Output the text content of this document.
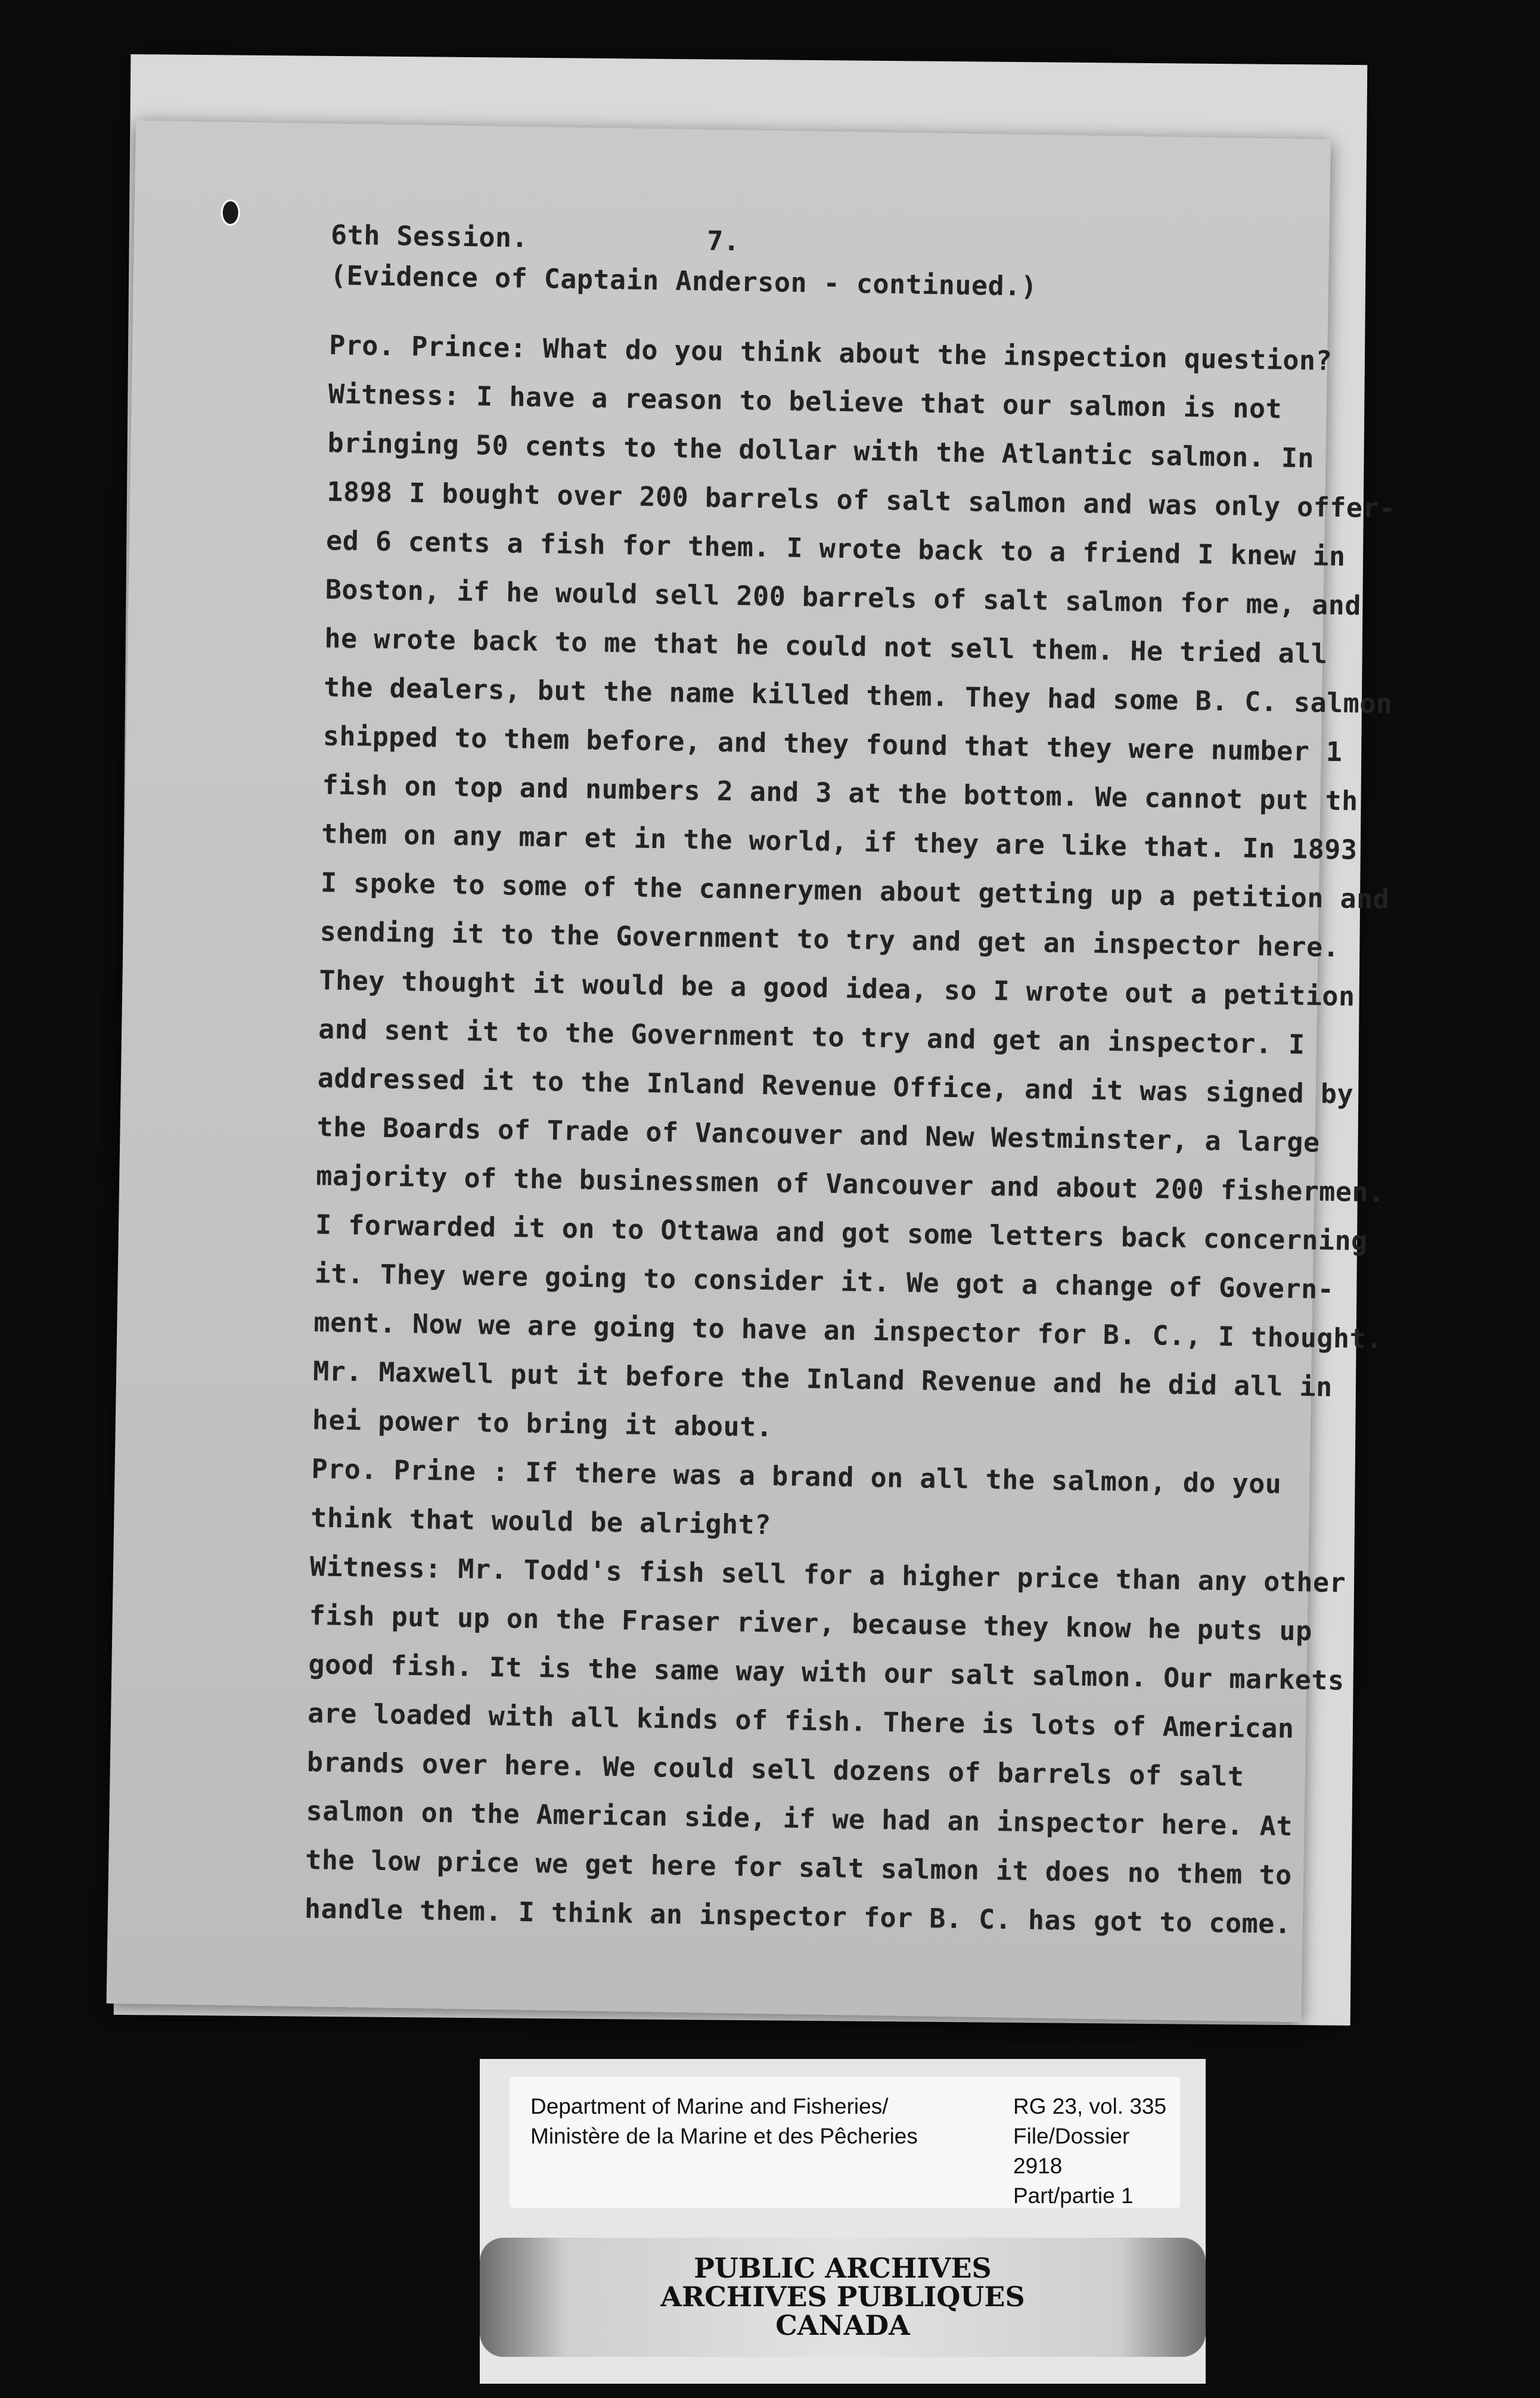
6th Session.	7.
(Evidence of Captain Anderson - continued.)
Pro. Prince: What do you think about the inspection question?
Witness: I have a reason to believe that our salmon is not
bringing 50 cents to the dollar with the Atlantic salmon. In
1898 I bought over 200 barrels of salt salmon and was only offer-
ed 6 cents a fish for them. I wrote back to a friend I knew in
Boston, if he would sell 200 barrels of salt salmon for me, and
he wrote back to me that he could not sell them. He tried all
the dealers, but the name killed them. They had some B. C. salmon
shipped to them before, and they found that they were number 1
fish on top and numbers 2 and 3 at the bottom. We cannot put th
them on any mar et in the world, if they are like that. In 1893
I spoke to some of the cannerymen about getting up a petition and
sending it to the Government to try and get an inspector here.
They thought it would be a good idea, so I wrote out a petition
and sent it to the Government to try and get an inspector. I
addressed it to the Inland Revenue Office, and it was signed by
the Boards of Trade of Vancouver and New Westminster, a large
majority of the businessmen of Vancouver and about 200 fishermen.
I forwarded it on to Ottawa and got some letters back concerning
it. They were going to consider it. We got a change of Govern-
ment. Now we are going to have an inspector for B. C., I thought.
Mr. Maxwell put it before the Inland Revenue and he did all in
hei power to bring it about.
Pro. Prine : If there was a brand on all the salmon, do you
think that would be alright?
Witness: Mr. Todd's fish sell for a higher price than any other
fish put up on the Fraser river, because they know he puts up
good fish. It is the same way with our salt salmon. Our markets
are loaded with all kinds of fish. There is lots of American
brands over here. We could sell dozens of barrels of salt
salmon on the American side, if we had an inspector here. At
the low price we get here for salt salmon it does no them to
handle them. I think an inspector for B. C. has got to come.
Department of Marine and Fisheries/
Ministère de la Marine et des Pêcheries
RG 23, vol. 335
File/Dossier 2918
Part/partie 1
PUBLIC ARCHIVES
ARCHIVES PUBLIQUES
CANADA
